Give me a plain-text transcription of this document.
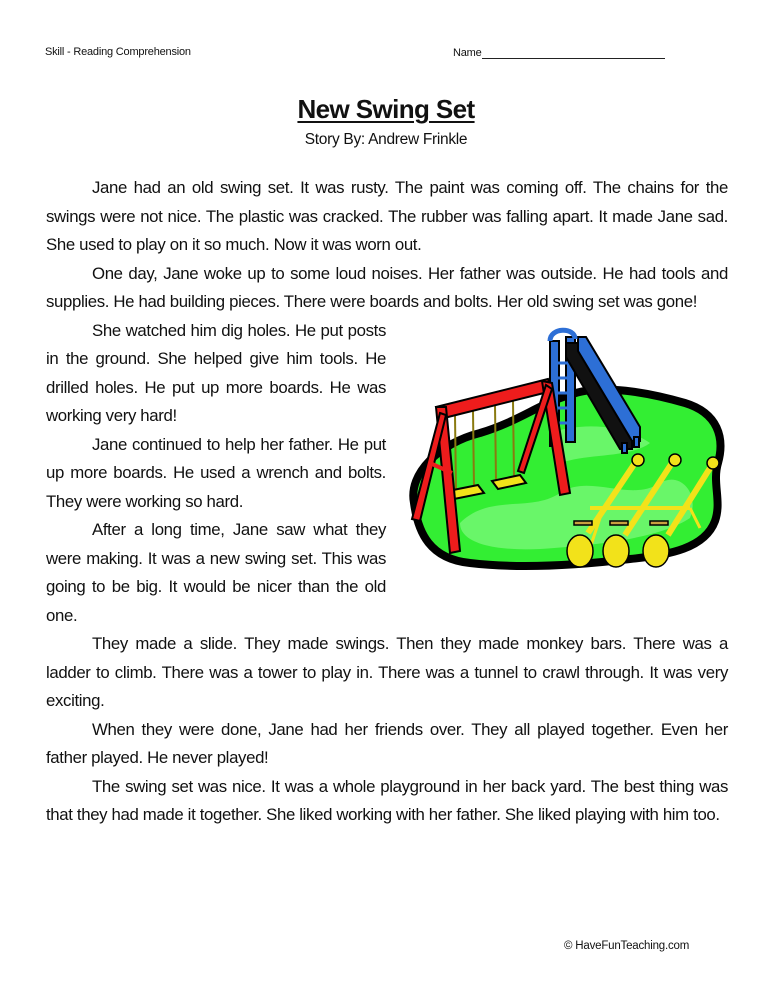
Skill - Reading Comprehension	Name
New Swing Set
Story By: Andrew Frinkle

Jane had an old swing set. It was rusty. The paint was coming off. The chains for the swings were not nice. The plastic was cracked. The rubber was falling apart. It made Jane sad. She used to play on it so much. Now it was worn out.

One day, Jane woke up to some loud noises. Her father was outside. He had tools and supplies. He had building pieces. There were boards and bolts. Her old swing set was gone!

She watched him dig holes. He put posts in the ground. She helped give him tools. He drilled holes. He put up more boards. He was working very hard!

Jane continued to help her father. He put up more boards. He used a wrench and bolts. They were working so hard.

After a long time, Jane saw what they were making. It was a new swing set. This was going to be big. It would be nicer than the old one.

They made a slide. They made swings. Then they made monkey bars. There was a ladder to climb. There was a tower to play in. There was a tunnel to crawl through. It was very exciting.

When they were done, Jane had her friends over. They all played together. Even her father played. He never played!

The swing set was nice. It was a whole playground in her back yard. The best thing was that they had made it together. She liked working with her father. She liked playing with him too.

© HaveFunTeaching.com
